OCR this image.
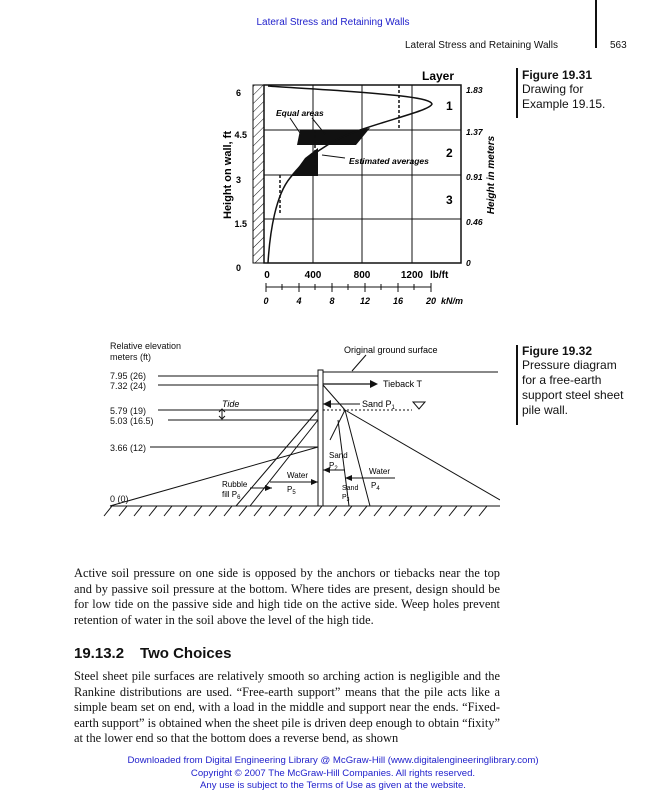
Lateral Stress and Retaining Walls
Lateral Stress and Retaining Walls	563
Layer
Equal areas
Estimated averages
1
2
3
6
4.5
3
1.5
0
Height on wall, ft
1.83
1.37
0.91
0.46
0
Height in meters
0	400	800	1200 lb/ft
0	4	8	12	16	20 kN/m
Figure 19.31
Drawing for
Example 19.15.
Relative elevation
meters (ft)
7.95 (26)
7.32 (24)
5.79 (19)
5.03 (16.5)
3.66 (12)
0 (0)
Original ground surface
Tieback T
Tide	Sand $P_1$
Sand
$P_2$	Water
$P_4$
Sand
$P_3$
Water
$P_5$
Rubble
fill $P_6$
Figure 19.32
Pressure diagram
for a free-earth
support steel sheet
pile wall.
Active soil pressure on one side is opposed by the anchors or tiebacks near the top and by passive soil pressure at the bottom. Where tides are present, design should be for low tide on the passive side and high tide on the active side. Weep holes prevent retention of water in the soil above the level of the high tide.
19.13.2 Two Choices
Steel sheet pile surfaces are relatively smooth so arching action is negligible and the Rankine distributions are used. “Free-earth support” means that the pile acts like a simple beam set on end, with a load in the middle and support near the ends. “Fixed-earth support” is obtained when the sheet pile is driven deep enough to obtain “fixity” at the lower end so that the bottom does a reverse bend, as shown
Downloaded from Digital Engineering Library @ McGraw-Hill (www.digitalengineeringlibrary.com)
Copyright © 2007 The McGraw-Hill Companies. All rights reserved.
Any use is subject to the Terms of Use as given at the website.
